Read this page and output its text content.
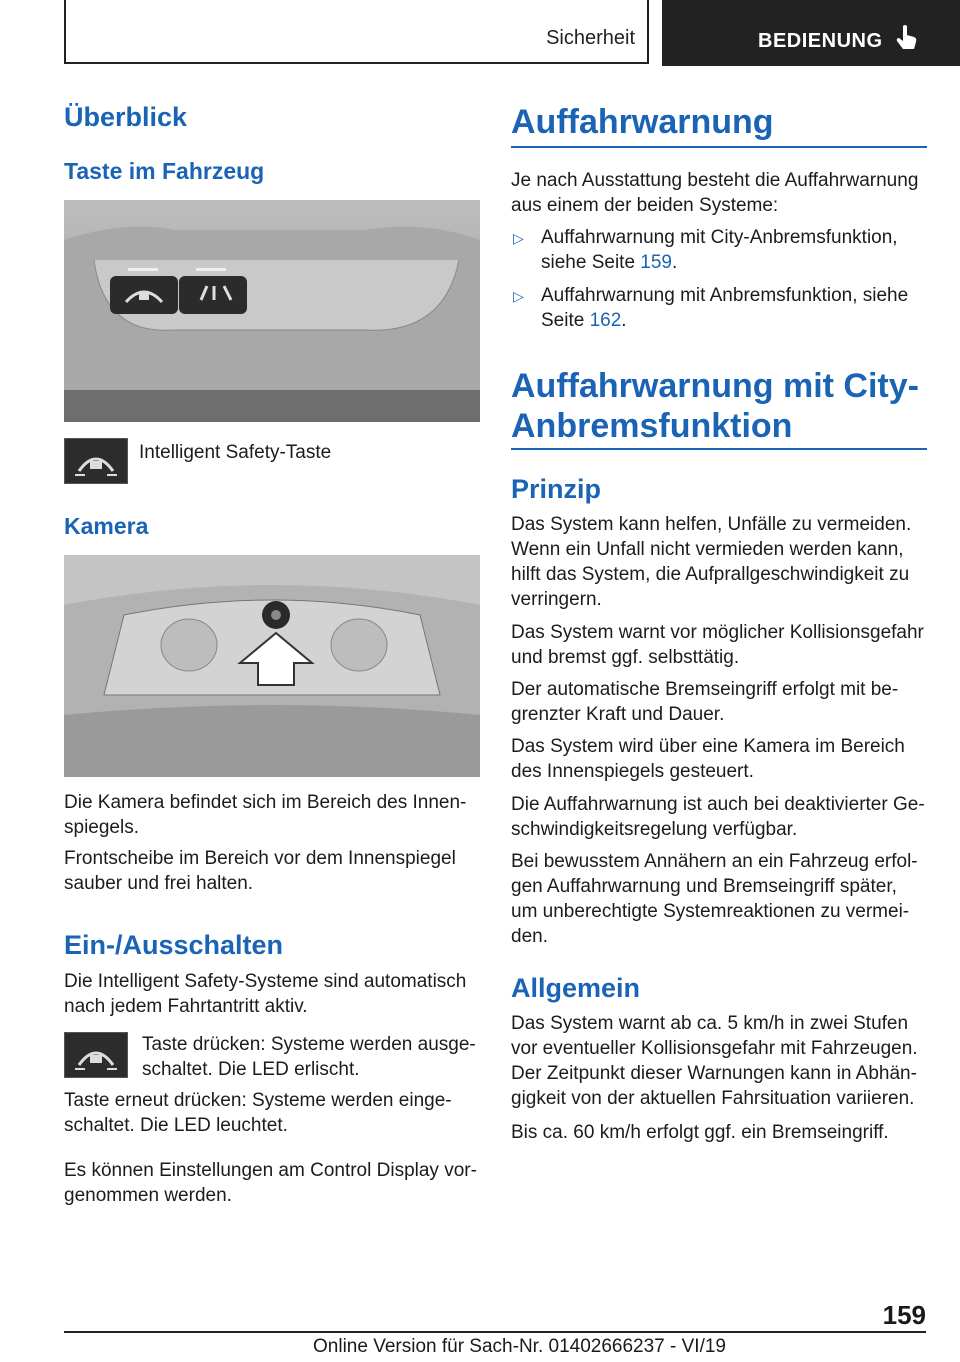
Sicherheit	BEDIENUNG
Überblick
Taste im Fahrzeug
Intelligent Safety-Taste
Kamera
Die Kamera befindet sich im Bereich des Innen-
spiegels.
Frontscheibe im Bereich vor dem Innenspiegel
sauber und frei halten.
Ein-/Ausschalten
Die Intelligent Safety-Systeme sind automatisch
nach jedem Fahrtantritt aktiv.
Taste drücken: Systeme werden ausge-
schaltet. Die LED erlischt.
Taste erneut drücken: Systeme werden einge-
schaltet. Die LED leuchtet.
Es können Einstellungen am Control Display vor-
genommen werden.
Auffahrwarnung
Je nach Ausstattung besteht die Auffahrwarnung
aus einem der beiden Systeme:
▷ Auffahrwarnung mit City-Anbremsfunktion,
siehe Seite 159.
▷ Auffahrwarnung mit Anbremsfunktion, siehe
Seite 162.
Auffahrwarnung mit City-
Anbremsfunktion
Prinzip
Das System kann helfen, Unfälle zu vermeiden.
Wenn ein Unfall nicht vermieden werden kann,
hilft das System, die Aufprallgeschwindigkeit zu
verringern.
Das System warnt vor möglicher Kollisionsgefahr
und bremst ggf. selbsttätig.
Der automatische Bremseingriff erfolgt mit be-
grenzter Kraft und Dauer.
Das System wird über eine Kamera im Bereich
des Innenspiegels gesteuert.
Die Auffahrwarnung ist auch bei deaktivierter Ge-
schwindigkeitsregelung verfügbar.
Bei bewusstem Annähern an ein Fahrzeug erfol-
gen Auffahrwarnung und Bremseingriff später,
um unberechtigte Systemreaktionen zu vermei-
den.
Allgemein
Das System warnt ab ca. 5 km/h in zwei Stufen
vor eventueller Kollisionsgefahr mit Fahrzeugen.
Der Zeitpunkt dieser Warnungen kann in Abhän-
gigkeit von der aktuellen Fahrsituation variieren.
Bis ca. 60 km/h erfolgt ggf. ein Bremseingriff.
159
Online Version für Sach-Nr. 01402666237 - VI/19
